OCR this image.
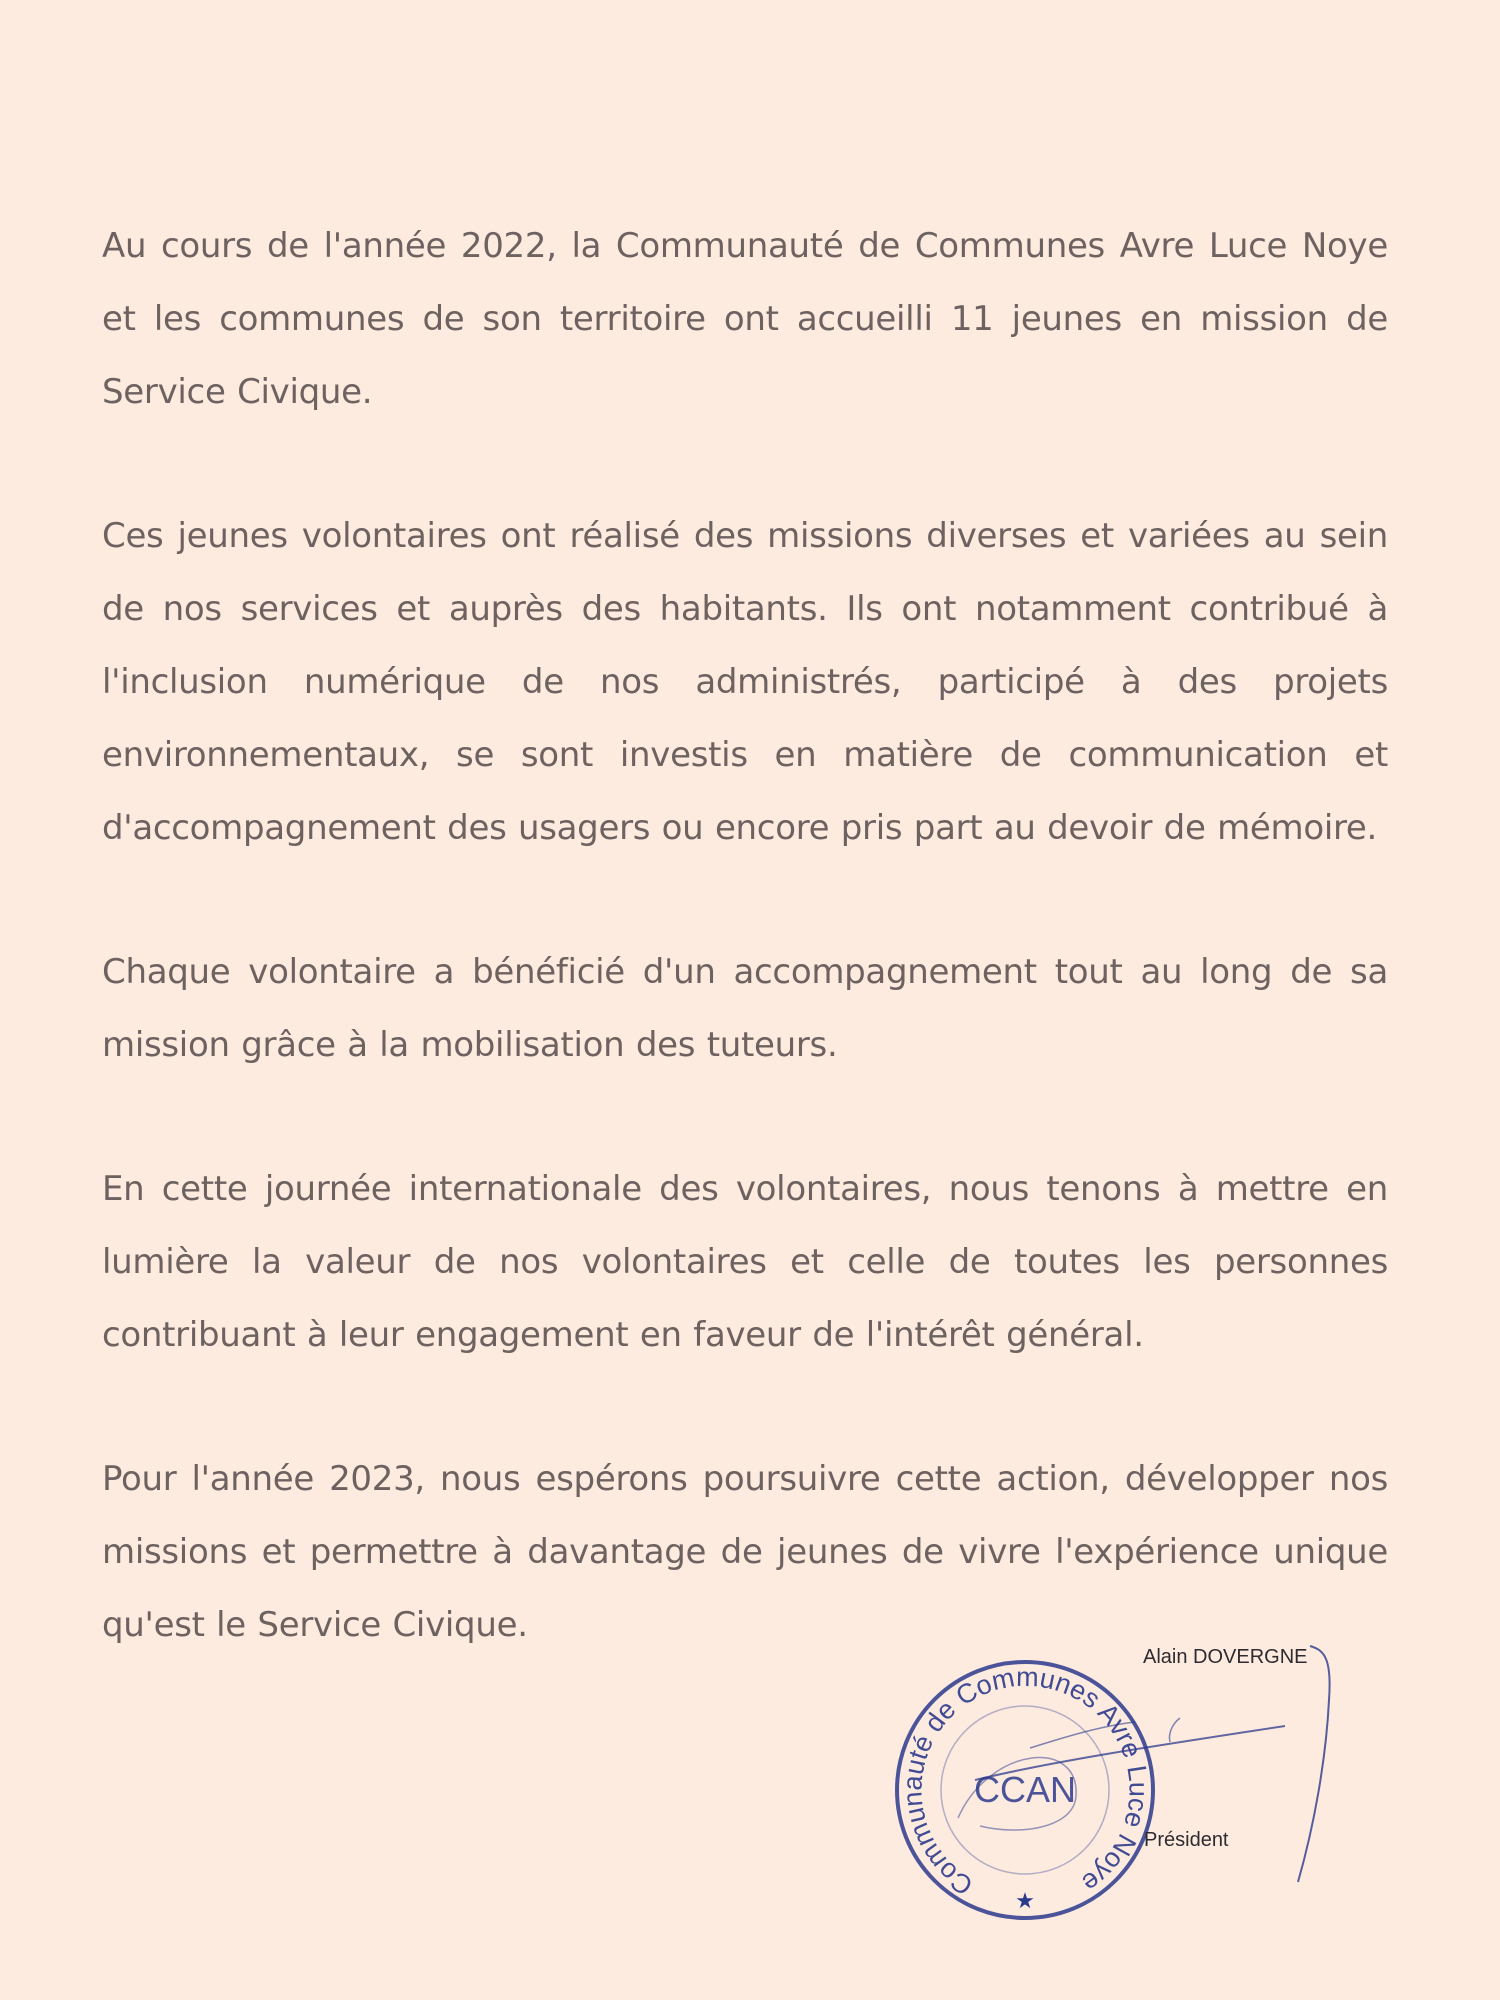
Au cours de l'année 2022, la Communauté de Communes Avre Luce Noye et les communes de son territoire ont accueilli 11 jeunes en mission de Service Civique.

Ces jeunes volontaires ont réalisé des missions diverses et variées au sein de nos services et auprès des habitants. Ils ont notamment contribué à l'inclusion numérique de nos administrés, participé à des projets environnementaux, se sont investis en matière de communication et d'accompagnement des usagers ou encore pris part au devoir de mémoire.

Chaque volontaire a bénéficié d'un accompagnement tout au long de sa mission grâce à la mobilisation des tuteurs.

En cette journée internationale des volontaires, nous tenons à mettre en lumière la valeur de nos volontaires et celle de toutes les personnes contribuant à leur engagement en faveur de l'intérêt général.

Pour l'année 2023, nous espérons poursuivre cette action, développer nos missions et permettre à davantage de jeunes de vivre l'expérience unique qu'est le Service Civique.

Communauté de Communes Avre Luce Noye
CCAN
★
Alain DOVERGNE
Président
